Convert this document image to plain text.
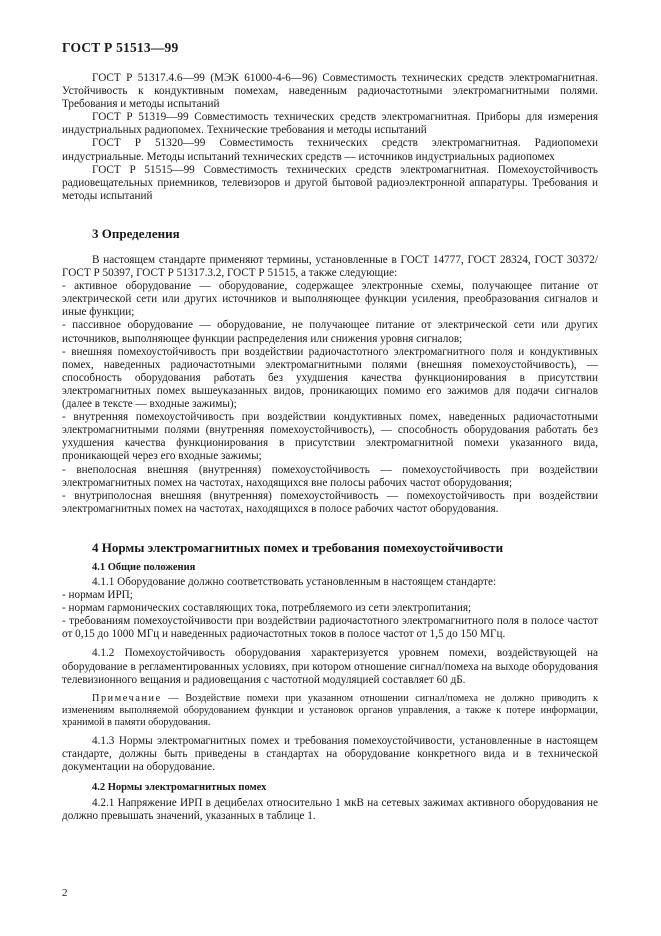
ГОСТ Р 51513—99

ГОСТ Р 51317.4.6—99 (МЭК 61000-4-6—96) Совместимость технических средств электромагнитная. Устойчивость к кондуктивным помехам, наведенным радиочастотными электромагнитными полями. Требования и методы испытаний

ГОСТ Р 51319—99 Совместимость технических средств электромагнитная. Приборы для измерения индустриальных радиопомех. Технические требования и методы испытаний

ГОСТ Р 51320—99 Совместимость технических средств электромагнитная. Радиопомехи индустриальные. Методы испытаний технических средств — источников индустриальных радиопомех

ГОСТ Р 51515—99 Совместимость технических средств электромагнитная. Помехоустойчивость радиовещательных приемников, телевизоров и другой бытовой радиоэлектронной аппаратуры. Требования и методы испытаний

3 Определения

В настоящем стандарте применяют термины, установленные в ГОСТ 14777, ГОСТ 28324, ГОСТ 30372/ГОСТ Р 50397, ГОСТ Р 51317.3.2, ГОСТ Р 51515, а также следующие:

- активное оборудование — оборудование, содержащее электронные схемы, получающее питание от электрической сети или других источников и выполняющее функции усиления, преобразования сигналов и иные функции;

- пассивное оборудование — оборудование, не получающее питание от электрической сети или других источников, выполняющее функции распределения или снижения уровня сигналов;

- внешняя помехоустойчивость при воздействии радиочастотного электромагнитного поля и кондуктивных помех, наведенных радиочастотными электромагнитными полями (внешняя помехоустойчивость), — способность оборудования работать без ухудшения качества функционирования в присутствии электромагнитных помех вышеуказанных видов, проникающих помимо его зажимов для подачи сигналов (далее в тексте — входные зажимы);

- внутренняя помехоустойчивость при воздействии кондуктивных помех, наведенных радиочастотными электромагнитными полями (внутренняя помехоустойчивость), — способность оборудования работать без ухудшения качества функционирования в присутствии электромагнитной помехи указанного вида, проникающей через его входные зажимы;

- внеполосная внешняя (внутренняя) помехоустойчивость — помехоустойчивость при воздействии электромагнитных помех на частотах, находящихся вне полосы рабочих частот оборудования;

- внутриполосная внешняя (внутренняя) помехоустойчивость — помехоустойчивость при воздействии электромагнитных помех на частотах, находящихся в полосе рабочих частот оборудования.

4 Нормы электромагнитных помех и требования помехоустойчивости
4.1 Общие положения

4.1.1 Оборудование должно соответствовать установленным в настоящем стандарте:

- нормам ИРП;

- нормам гармонических составляющих тока, потребляемого из сети электропитания;

- требованиям помехоустойчивости при воздействии радиочастотного электромагнитного поля в полосе частот от 0,15 до 1000 МГц и наведенных радиочастотных токов в полосе частот от 1,5 до 150 МГц.

4.1.2 Помехоустойчивость оборудования характеризуется уровнем помехи, воздействующей на оборудование в регламентированных условиях, при котором отношение сигнал/помеха на выходе оборудования телевизионного вещания и радиовещания с частотной модуляцией составляет 60 дБ.

Примечание — Воздействие помехи при указанном отношении сигнал/помеха не должно приводить к изменениям выполняемой оборудованием функции и установок органов управления, а также к потере информации, хранимой в памяти оборудования.

4.1.3 Нормы электромагнитных помех и требования помехоустойчивости, установленные в настоящем стандарте, должны быть приведены в стандартах на оборудование конкретного вида и в технической документации на оборудование.

4.2 Нормы электромагнитных помех

4.2.1 Напряжение ИРП в децибелах относительно 1 мкВ на сетевых зажимах активного оборудования не должно превышать значений, указанных в таблице 1.

2
